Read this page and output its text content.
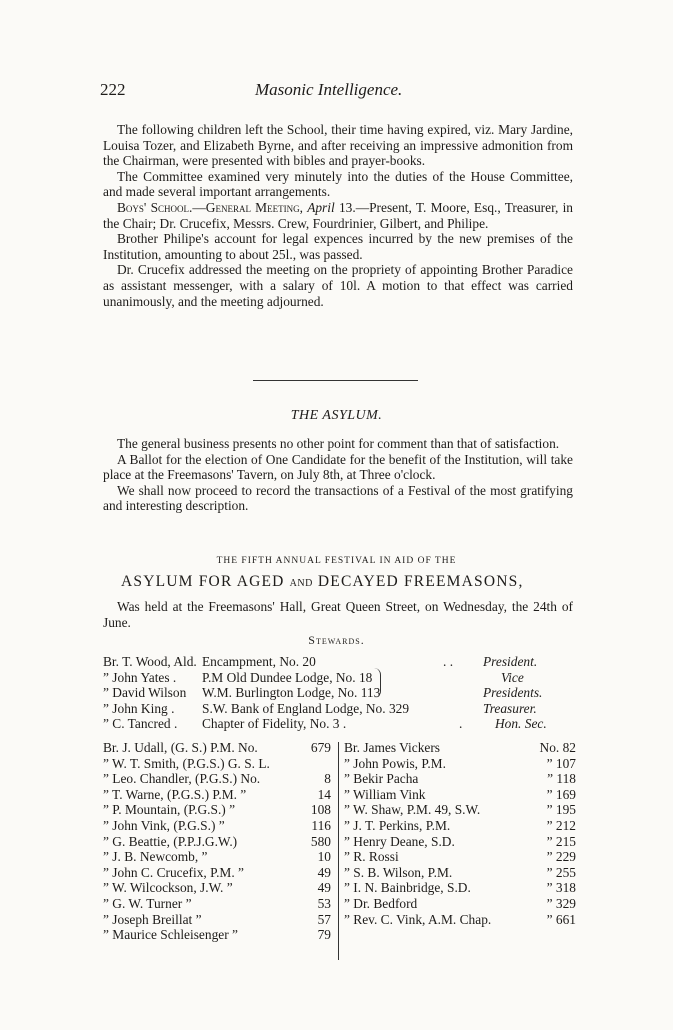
222	Masonic Intelligence.

The following children left the School, their time having expired, viz. Mary Jardine, Louisa Tozer, and Elizabeth Byrne, and after receiving an impressive admonition from the Chairman, were presented with bibles and prayer-books.

The Committee examined very minutely into the duties of the House Committee, and made several important arrangements.

Boys' School.—General Meeting, April 13.—Present, T. Moore, Esq., Treasurer, in the Chair; Dr. Crucefix, Messrs. Crew, Fourdrinier, Gilbert, and Philipe.

Brother Philipe's account for legal expences incurred by the new premises of the Institution, amounting to about 25l., was passed.

Dr. Crucefix addressed the meeting on the propriety of appointing Brother Paradice as assistant messenger, with a salary of 10l. A motion to that effect was carried unanimously, and the meeting adjourned.

THE ASYLUM.

The general business presents no other point for comment than that of satisfaction.

A Ballot for the election of One Candidate for the benefit of the Institution, will take place at the Freemasons' Tavern, on July 8th, at Three o'clock.

We shall now proceed to record the transactions of a Festival of the most gratifying and interesting description.

THE FIFTH ANNUAL FESTIVAL IN AID OF THE
ASYLUM FOR AGED AND DECAYED FREEMASONS,

Was held at the Freemasons' Hall, Great Queen Street, on Wednesday, the 24th of June.

Stewards.
Br. T. Wood, Ald. Encampment, No. 20	. . President.
” John Yates . P.M Old Dundee Lodge, No. 18	Vice
” David Wilson W.M. Burlington Lodge, No. 113	Presidents.
” John King . S.W. Bank of England Lodge, No. 329	Treasurer.
” C. Tancred . Chapter of Fidelity, No. 3 .	. Hon. Sec.
Br. J. Udall, (G. S.) P.M. No.	679
” W. T. Smith, (P.G.S.) G. S. L.
” Leo. Chandler, (P.G.S.) No.	8
” T. Warne, (P.G.S.) P.M. ”	14
” P. Mountain, (P.G.S.) ”	108
” John Vink, (P.G.S.) ”	116
” G. Beattie, (P.P.J.G.W.)	580
” J. B. Newcomb, ”	10
” John C. Crucefix, P.M. ”	49
” W. Wilcockson, J.W. ”	49
” G. W. Turner ”	53
” Joseph Breillat ”	57
” Maurice Schleisenger ”	79
Br. James Vickers	No. 82
” John Powis, P.M.	” 107
” Bekir Pacha	” 118
” William Vink	” 169
” W. Shaw, P.M. 49, S.W.	” 195
” J. T. Perkins, P.M.	” 212
” Henry Deane, S.D.	” 215
” R. Rossi	” 229
” S. B. Wilson, P.M.	” 255
” I. N. Bainbridge, S.D.	” 318
” Dr. Bedford	” 329
” Rev. C. Vink, A.M. Chap.	” 661
